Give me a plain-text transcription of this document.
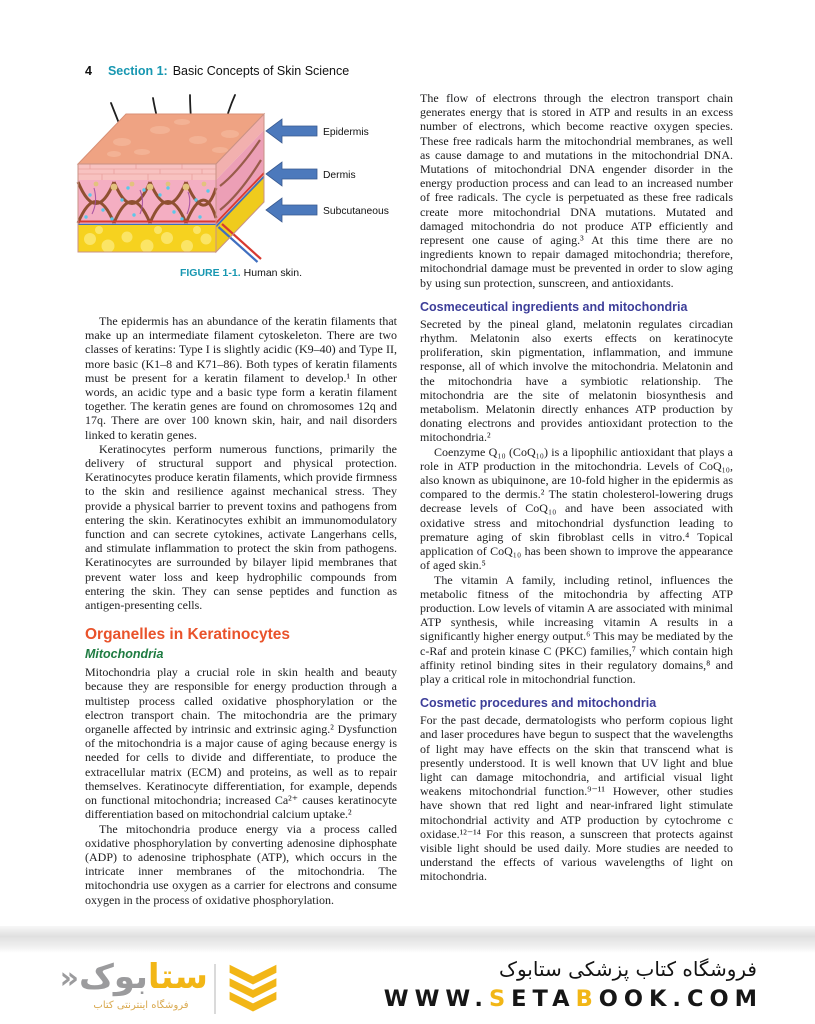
4 Section 1: Basic Concepts of Skin Science
Epidermis
Dermis
Subcutaneous
FIGURE 1-1. Human skin.

The epidermis has an abundance of the keratin filaments that make up an intermediate filament cytoskeleton. There are two classes of keratins: Type I is slightly acidic (K9–40) and Type II, more basic (K1–8 and K71–86). Both types of keratin filaments must be present for a keratin filament to develop.¹ In other words, an acidic type and a basic type form a keratin filament together. The keratin genes are found on chromosomes 12q and 17q. There are over 100 known skin, hair, and nail disorders linked to keratin genes.

Keratinocytes perform numerous functions, primarily the delivery of structural support and physical protection. Keratinocytes produce keratin filaments, which provide firmness to the skin and resilience against mechanical stress. They provide a physical barrier to prevent toxins and pathogens from entering the skin. Keratinocytes exhibit an immunomodulatory function and can secrete cytokines, activate Langerhans cells, and stimulate inflammation to protect the skin from pathogens. Keratinocytes are surrounded by bilayer lipid membranes that prevent water loss and keep hydrophilic compounds from entering the skin. They can sense peptides and function as antigen-presenting cells.

Organelles in Keratinocytes
Mitochondria

Mitochondria play a crucial role in skin health and beauty because they are responsible for energy production through a multistep process called oxidative phosphorylation or the electron transport chain. The mitochondria are the primary organelle affected by intrinsic and extrinsic aging.² Dysfunction of the mitochondria is a major cause of aging because energy is needed for cells to divide and differentiate, to produce the extracellular matrix (ECM) and proteins, as well as to repair themselves. Keratinocyte differentiation, for example, depends on functional mitochondria; increased Ca²⁺ causes keratinocyte differentiation based on mitochondrial calcium uptake.²

The mitochondria produce energy via a process called oxidative phosphorylation by converting adenosine diphosphate (ADP) to adenosine triphosphate (ATP), which occurs in the intricate inner membranes of the mitochondria. The mitochondria use oxygen as a carrier for electrons and consume oxygen in the process of oxidative phosphorylation.

The flow of electrons through the electron transport chain generates energy that is stored in ATP and results in an excess number of electrons, which become reactive oxygen species. These free radicals harm the mitochondrial membranes, as well as cause damage to and mutations in the mitochondrial DNA. Mutations of mitochondrial DNA engender disorder in the energy production process and can lead to an increased number of free radicals. The cycle is perpetuated as these free radicals create more mitochondrial DNA mutations. Mutated and damaged mitochondria do not produce ATP efficiently and represent one cause of aging.³ At this time there are no ingredients known to repair damaged mitochondria; therefore, mitochondrial damage must be prevented in order to slow aging by using sun protection, sunscreen, and antioxidants.

Cosmeceutical ingredients and mitochondria

Secreted by the pineal gland, melatonin regulates circadian rhythm. Melatonin also exerts effects on keratinocyte proliferation, skin pigmentation, inflammation, and immune response, all of which involve the mitochondria. Melatonin and the mitochondria have a symbiotic relationship. The mitochondria are the site of melatonin biosynthesis and metabolism. Melatonin directly enhances ATP production by donating electrons and provides antioxidant protection to the mitochondria.²

Coenzyme Q₁₀ (CoQ₁₀) is a lipophilic antioxidant that plays a role in ATP production in the mitochondria. Levels of CoQ₁₀, also known as ubiquinone, are 10-fold higher in the epidermis as compared to the dermis.² The statin cholesterol-lowering drugs decrease levels of CoQ₁₀ and have been associated with oxidative stress and mitochondrial dysfunction leading to premature aging of skin fibroblast cells in vitro.⁴ Topical application of CoQ₁₀ has been shown to improve the appearance of aged skin.⁵

The vitamin A family, including retinol, influences the metabolic fitness of the mitochondria by affecting ATP production. Low levels of vitamin A are associated with minimal ATP synthesis, while increasing vitamin A results in a significantly higher energy output.⁶ This may be mediated by the c-Raf and protein kinase C (PKC) families,⁷ which contain high affinity retinol binding sites in their regulatory domains,⁸ and play a critical role in mitochondrial function.

Cosmetic procedures and mitochondria

For the past decade, dermatologists who perform copious light and laser procedures have begun to suspect that the wavelengths of light may have effects on the skin that transcend what is presently understood. It is well known that UV light and blue light can damage mitochondria, and artificial visual light weakens mitochondrial function.⁹⁻¹¹ However, other studies have shown that red light and near-infrared light stimulate mitochondrial activity and ATP production by cytochrome c oxidase.¹²⁻¹⁴ For this reason, a sunscreen that protects against visible light should be used daily. More studies are needed to understand the effects of various wavelengths of light on mitochondria.

ستابوک«
فروشگاه اینترنتی کتاب
فروشگاه کتاب پزشکی ستابوک
WWW.SETABOOK.COM
